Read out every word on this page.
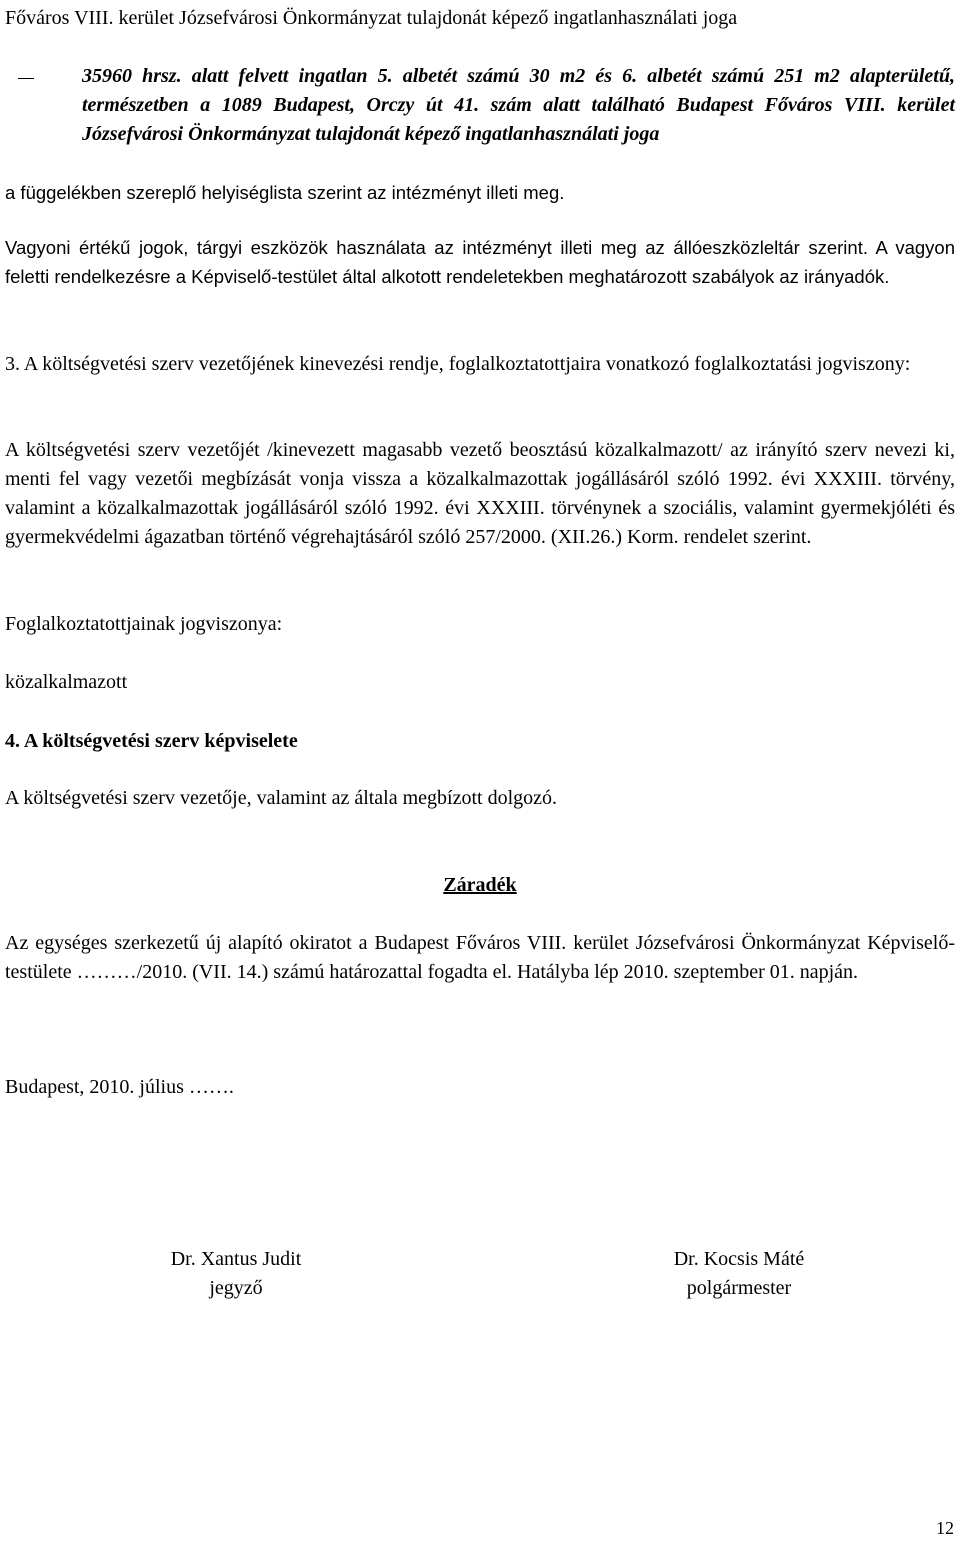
Főváros VIII. kerület Józsefvárosi Önkormányzat tulajdonát képező ingatlanhasználati joga

35960 hrsz. alatt felvett ingatlan 5. albetét számú 30 m2 és 6. albetét számú 251 m2 alapterületű, természetben a 1089 Budapest, Orczy út 41. szám alatt található Budapest Főváros VIII. kerület Józsefvárosi Önkormányzat tulajdonát képező ingatlanhasználati joga

a függelékben szereplő helyiséglista szerint az intézményt illeti meg.

Vagyoni értékű jogok, tárgyi eszközök használata az intézményt illeti meg az állóeszközleltár szerint. A vagyon feletti rendelkezésre a Képviselő-testület által alkotott rendeletekben meghatározott szabályok az irányadók.

3. A költségvetési szerv vezetőjének kinevezési rendje, foglalkoztatottjaira vonatkozó foglalkoztatási jogviszony:

A költségvetési szerv vezetőjét /kinevezett magasabb vezető beosztású közalkalmazott/ az irányító szerv nevezi ki, menti fel vagy vezetői megbízását vonja vissza a közalkalmazottak jogállásáról szóló 1992. évi XXXIII. törvény, valamint a közalkalmazottak jogállásáról szóló 1992. évi XXXIII. törvénynek a szociális, valamint gyermekjóléti és gyermekvédelmi ágazatban történő végrehajtásáról szóló 257/2000. (XII.26.) Korm. rendelet szerint.

Foglalkoztatottjainak jogviszonya:

közalkalmazott

4. A költségvetési szerv képviselete

A költségvetési szerv vezetője, valamint az általa megbízott dolgozó.

Záradék

Az egységes szerkezetű új alapító okiratot a Budapest Főváros VIII. kerület Józsefvárosi Önkormányzat Képviselő-testülete ………/2010. (VII. 14.) számú határozattal fogadta el. Hatályba lép 2010. szeptember 01. napján.

Budapest, 2010. július …….

Dr. Xantus Judit
jegyző
Dr. Kocsis Máté
polgármester
12
